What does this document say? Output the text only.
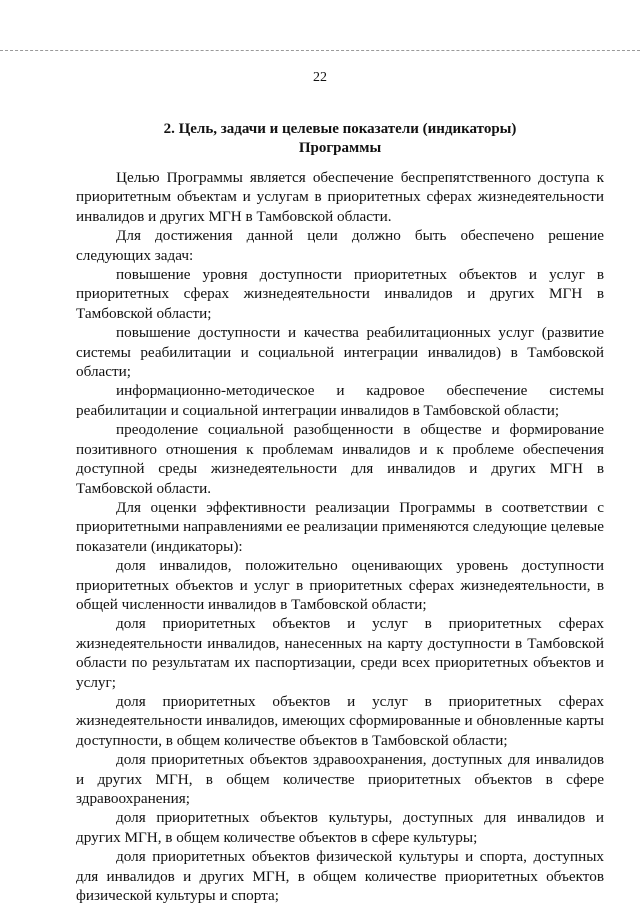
22
2. Цель, задачи и целевые показатели (индикаторы)
Программы

Целью Программы является обеспечение беспрепятственного доступа к приоритетным объектам и услугам в приоритетных сферах жизнедеятельности инвалидов и других МГН в Тамбовской области.

Для достижения данной цели должно быть обеспечено решение следующих задач:

повышение уровня доступности приоритетных объектов и услуг в приоритетных сферах жизнедеятельности инвалидов и других МГН в Тамбовской области;

повышение доступности и качества реабилитационных услуг (развитие системы реабилитации и социальной интеграции инвалидов) в Тамбовской области;

информационно-методическое и кадровое обеспечение системы реабилитации и социальной интеграции инвалидов в Тамбовской области;

преодоление социальной разобщенности в обществе и формирование позитивного отношения к проблемам инвалидов и к проблеме обеспечения доступной среды жизнедеятельности для инвалидов и других МГН в Тамбовской области.

Для оценки эффективности реализации Программы в соответствии с приоритетными направлениями ее реализации применяются следующие целевые показатели (индикаторы):

доля инвалидов, положительно оценивающих уровень доступности приоритетных объектов и услуг в приоритетных сферах жизнедеятельности, в общей численности инвалидов в Тамбовской области;

доля приоритетных объектов и услуг в приоритетных сферах жизнедеятельности инвалидов, нанесенных на карту доступности в Тамбовской области по результатам их паспортизации, среди всех приоритетных объектов и услуг;

доля приоритетных объектов и услуг в приоритетных сферах жизнедеятельности инвалидов, имеющих сформированные и обновленные карты доступности, в общем количестве объектов в Тамбовской области;

доля приоритетных объектов здравоохранения, доступных для инвалидов и других МГН, в общем количестве приоритетных объектов в сфере здравоохранения;

доля приоритетных объектов культуры, доступных для инвалидов и других МГН, в общем количестве объектов в сфере культуры;

доля приоритетных объектов физической культуры и спорта, доступных для инвалидов и других МГН, в общем количестве приоритетных объектов физической культуры и спорта;
